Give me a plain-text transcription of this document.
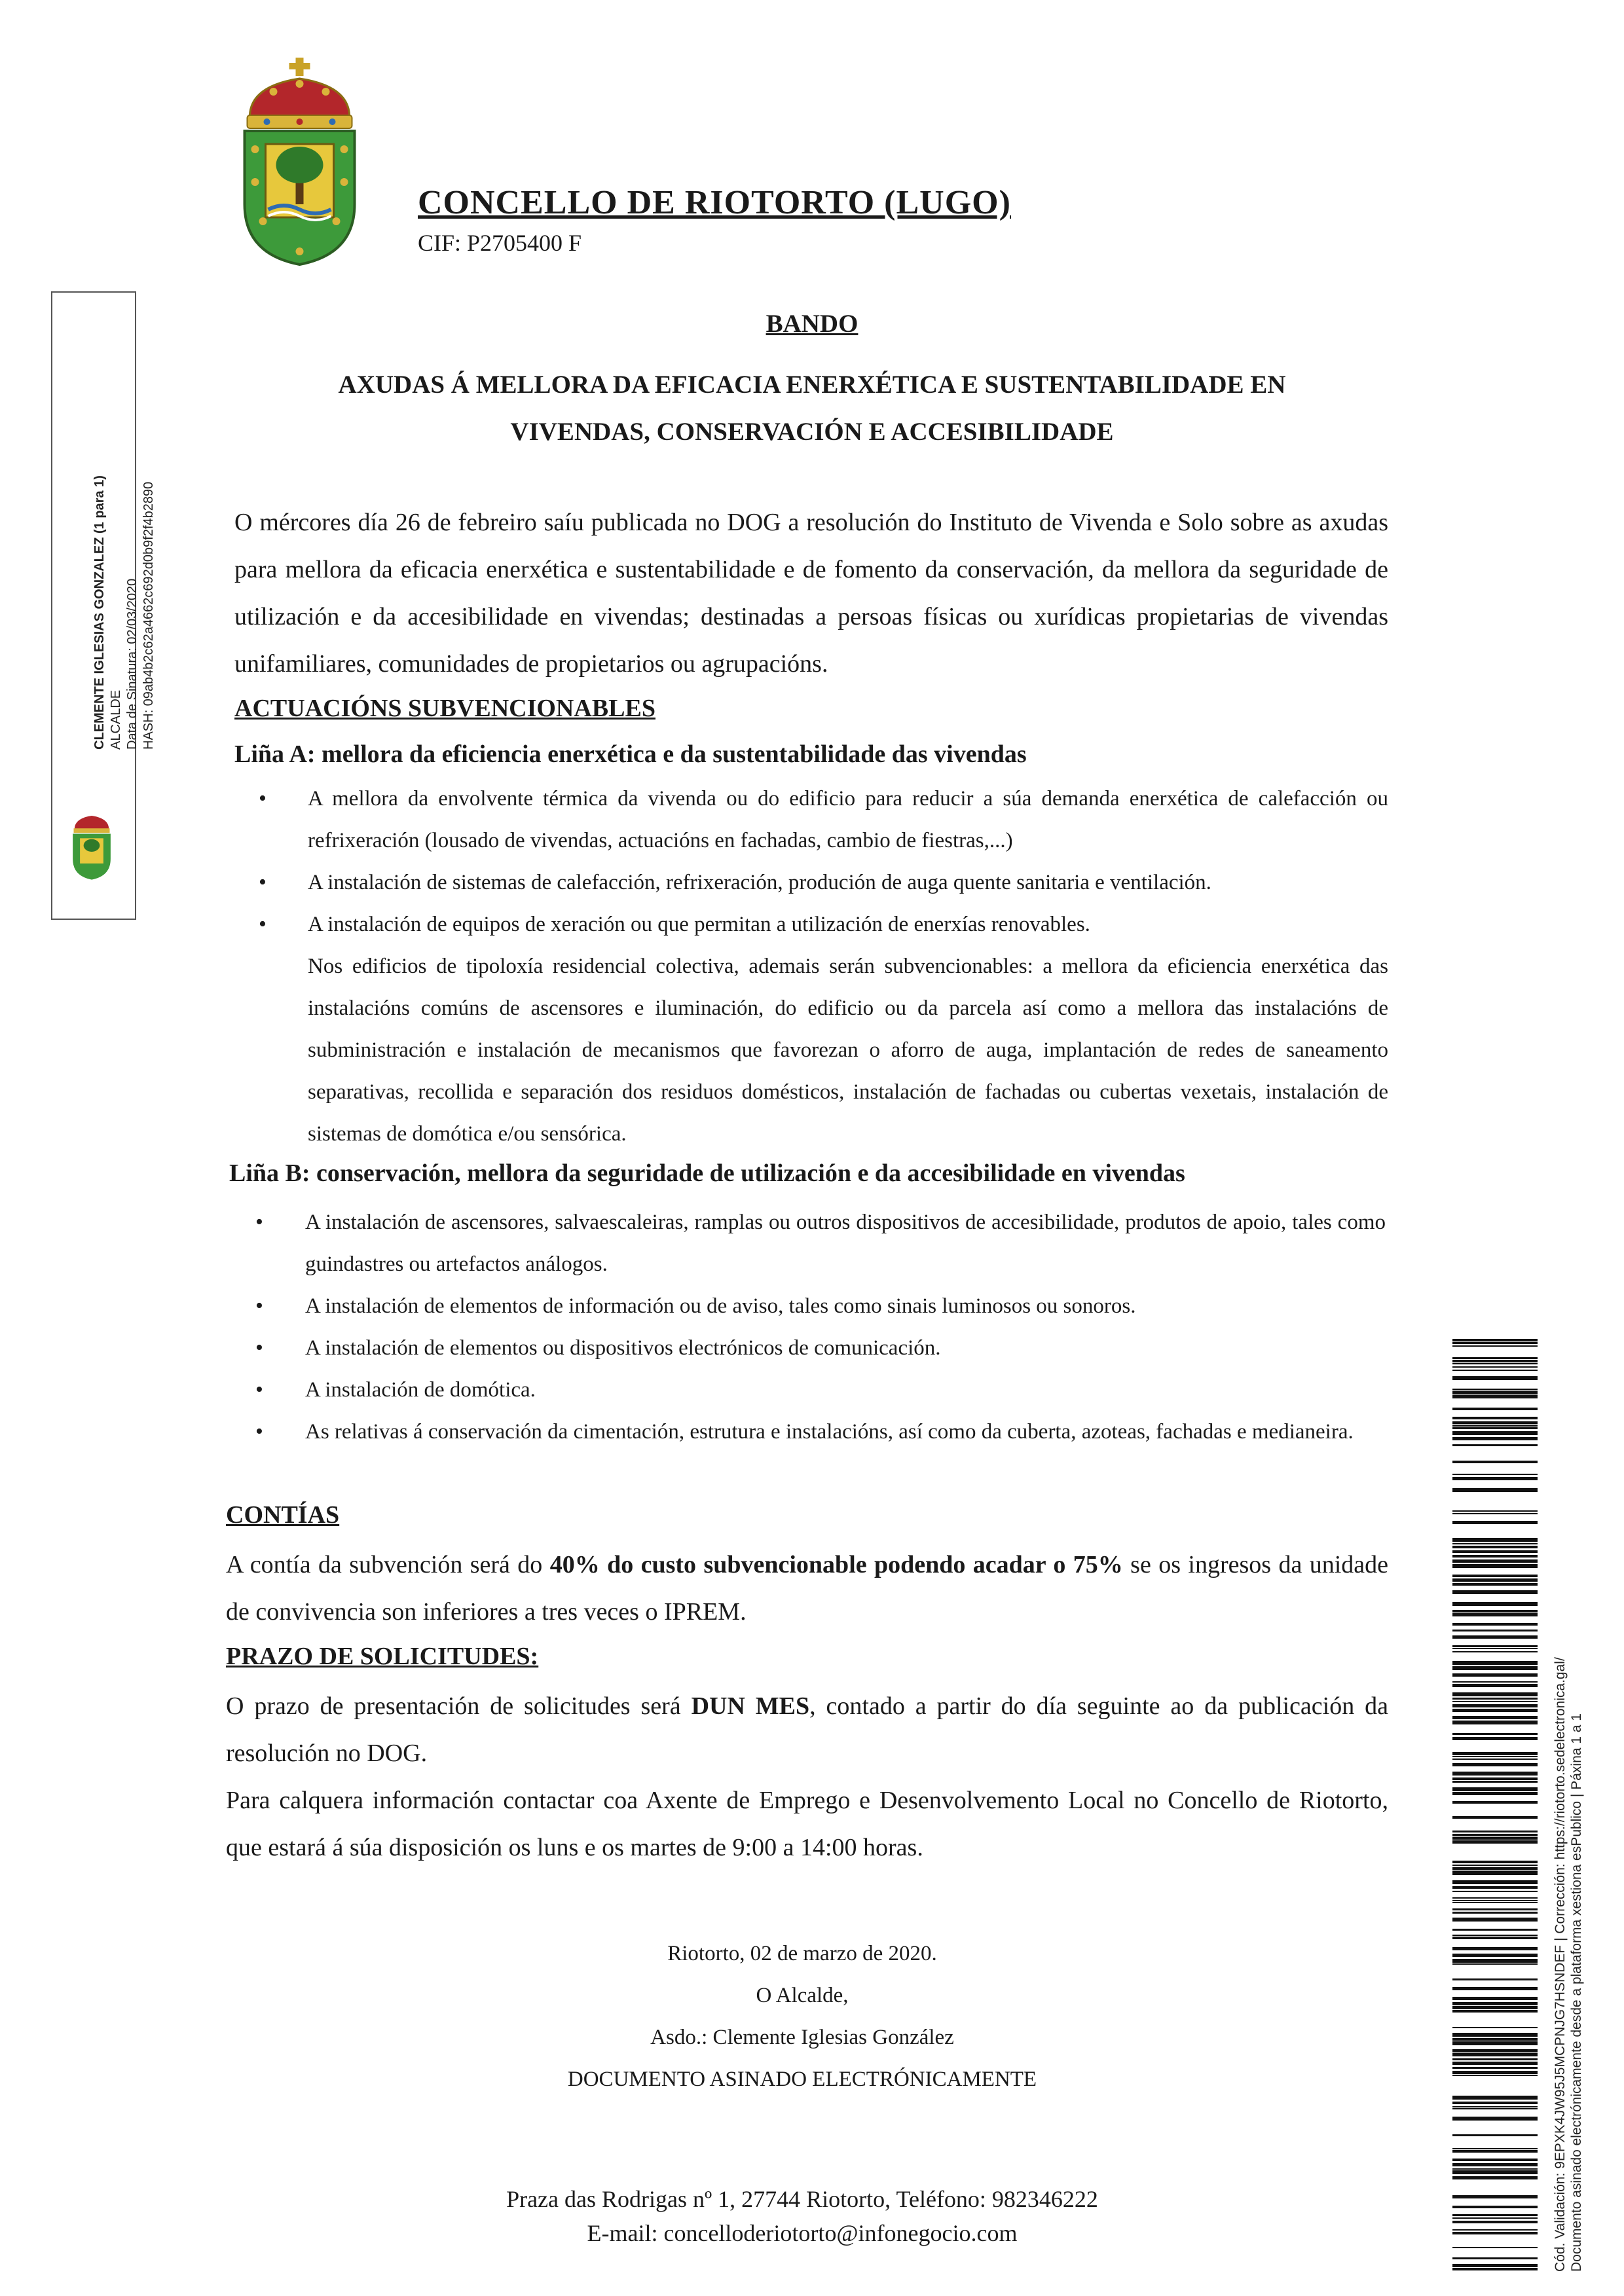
CONCELLO DE RIOTORTO (LUGO)
CIF: P2705400 F
CLEMENTE IGLESIAS GONZALEZ (1 para 1) ALCALDE Data de Sinatura: 02/03/2020 HASH: 09ab4b2c62a4662c692d0b9f2f4b2890
BANDO
AXUDAS Á MELLORA DA EFICACIA ENERXÉTICA E SUSTENTABILIDADE EN
VIVENDAS, CONSERVACIÓN E ACCESIBILIDADE
O mércores día 26 de febreiro saíu publicada no DOG a resolución do Instituto de Vivenda e Solo sobre as axudas para mellora da eficacia enerxética e sustentabilidade e de fomento da conservación, da mellora da seguridade de utilización e da accesibilidade en vivendas; destinadas a persoas físicas ou xurídicas propietarias de vivendas unifamiliares, comunidades de propietarios ou agrupacións.
ACTUACIÓNS SUBVENCIONABLES
Liña A: mellora da eficiencia enerxética e da sustentabilidade das vivendas
• A mellora da envolvente térmica da vivenda ou do edificio para reducir a súa demanda enerxética de calefacción ou refrixeración (lousado de vivendas, actuacións en fachadas, cambio de fiestras,...)
• A instalación de sistemas de calefacción, refrixeración, produción de auga quente sanitaria e ventilación.
• A instalación de equipos de xeración ou que permitan a utilización de enerxías renovables.
Nos edificios de tipoloxía residencial colectiva, ademais serán subvencionables: a mellora da eficiencia enerxética das instalacións comúns de ascensores e iluminación, do edificio ou da parcela así como a mellora das instalacións de subministración e instalación de mecanismos que favorezan o aforro de auga, implantación de redes de saneamento separativas, recollida e separación dos residuos domésticos, instalación de fachadas ou cubertas vexetais, instalación de sistemas de domótica e/ou sensórica.
Liña B: conservación, mellora da seguridade de utilización e da accesibilidade en vivendas
• A instalación de ascensores, salvaescaleiras, ramplas ou outros dispositivos de accesibilidade, produtos de apoio, tales como guindastres ou artefactos análogos.
• A instalación de elementos de información ou de aviso, tales como sinais luminosos ou sonoros.
• A instalación de elementos ou dispositivos electrónicos de comunicación.
• A instalación de domótica.
• As relativas á conservación da cimentación, estrutura e instalacións, así como da cuberta, azoteas, fachadas e medianeira.
CONTÍAS
A contía da subvención será do 40% do custo subvencionable podendo acadar o 75% se os ingresos da unidade de convivencia son inferiores a tres veces o IPREM.
PRAZO DE SOLICITUDES:
O prazo de presentación de solicitudes será DUN MES, contado a partir do día seguinte ao da publicación da resolución no DOG.
Para calquera información contactar coa Axente de Emprego e Desenvolvemento Local no Concello de Riotorto, que estará á súa disposición os luns e os martes de 9:00 a 14:00 horas.
Riotorto, 02 de marzo de 2020.
O Alcalde,
Asdo.: Clemente Iglesias González
DOCUMENTO ASINADO ELECTRÓNICAMENTE
Praza das Rodrigas nº 1, 27744 Riotorto, Teléfono: 982346222
E-mail: concelloderiotorto@infonegocio.com	Cód. Validación: 9EPXK4JW95J5MCPNJG7HSNDEF | Corrección: https://riotorto.sedelectronica.gal/ Documento asinado electrónicamente desde a plataforma xestiona esPublico | Páxina 1 a 1
